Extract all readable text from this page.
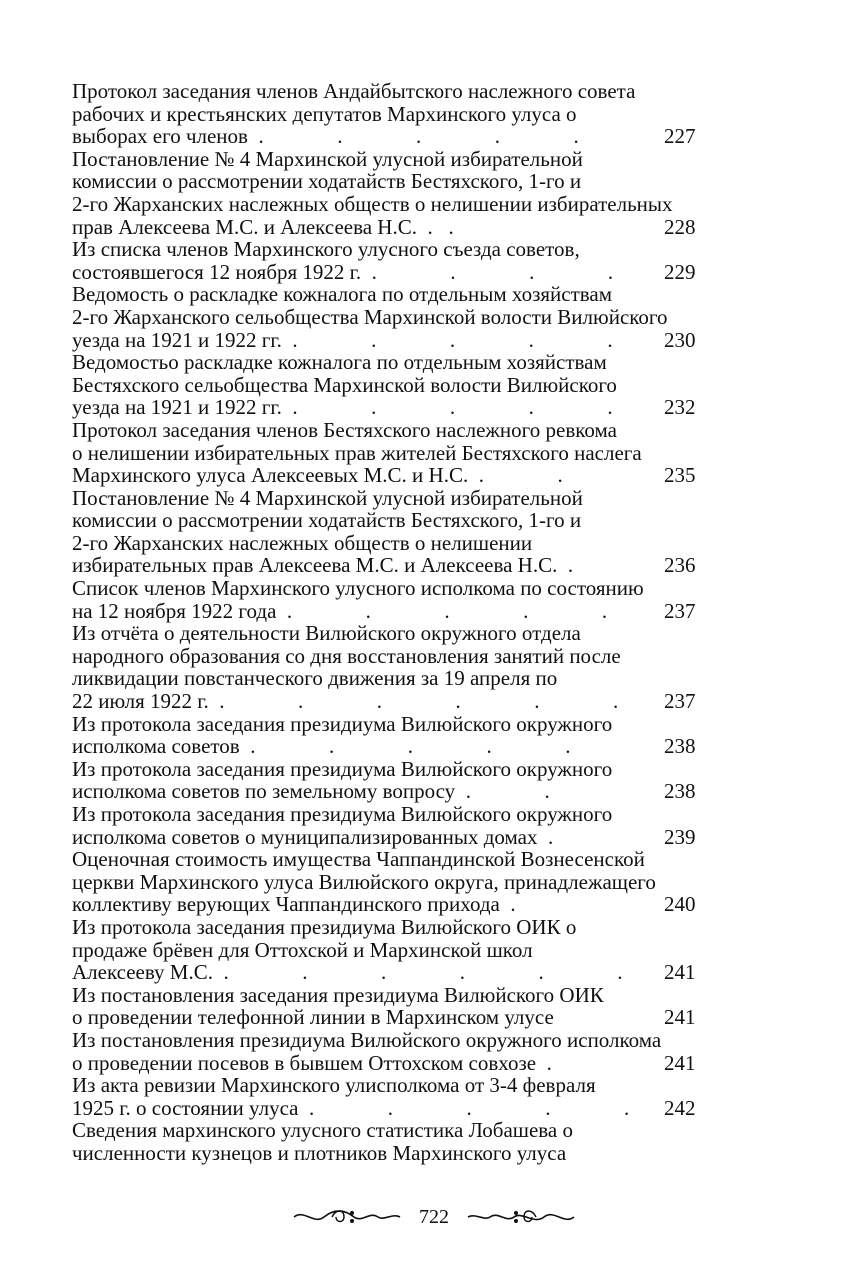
Протокол заседания членов Андайбытского наслежного совета
рабочих и крестьянских депутатов Мархинского улуса о
выборах его членов .              .              .              .              .	227
Постановление № 4 Мархинской улусной избирательной
комиссии о рассмотрении ходатайств Бестяхского, 1-го и
2-го Жарханских наслежных обществ о нелишении избирательных
прав Алексеева М.С. и Алексеева Н.С. .   .	228
Из списка членов Мархинского улусного съезда советов,
состоявшегося 12 ноября 1922 г. .              .              .              . 229
Ведомость о раскладке кожналога по отдельным хозяйствам
2-го Жарханского сельобщества Мархинской волости Вилюйского
уезда на 1921 и 1922 гг. .              .              .              .              . 230
Ведомостьо раскладке кожналога по отдельным хозяйствам
Бестяхского сельобщества Мархинской волости Вилюйского
уезда на 1921 и 1922 гг. .              .              .              .              . 232
Протокол заседания членов Бестяхского наслежного ревкома
о нелишении избирательных прав жителей Бестяхского наслега
Мархинского улуса Алексеевых М.С. и Н.С. .              .	235
Постановление № 4 Мархинской улусной избирательной
комиссии о рассмотрении ходатайств Бестяхского, 1-го и
2-го Жарханских наслежных обществ о нелишении
избирательных прав Алексеева М.С. и Алексеева Н.С. .	236
Список членов Мархинского улусного исполкома по состоянию
на 12 ноября 1922 года .              .              .              .              .	237
Из отчёта о деятельности Вилюйского окружного отдела
народного образования со дня восстановления занятий после
ликвидации повстанческого движения за 19 апреля по
22 июля 1922 г. .              .              .              .              .              . 237
Из протокола заседания президиума Вилюйского окружного
исполкома советов .              .              .              .              .	238
Из протокола заседания президиума Вилюйского окружного
исполкома советов по земельному вопросу .              .	238
Из протокола заседания президиума Вилюйского окружного
исполкома советов о муниципализированных домах .	239
Оценочная стоимость имущества Чаппандинской Вознесенской
церкви Мархинского улуса Вилюйского округа, принадлежащего
коллективу верующих Чаппандинского прихода .	240
Из протокола заседания президиума Вилюйского ОИК о
продаже брёвен для Оттохской и Мархинской школ
Алексееву М.С. .              .              .              .              .              . 241
Из постановления заседания президиума Вилюйского ОИК
о проведении телефонной линии в Мархинском улусе	241
Из постановления президиума Вилюйского окружного исполкома
о проведении посевов в бывшем Оттохском совхозе .	241
Из акта ревизии Мархинского улисполкома от 3-4 февраля
1925 г. о состоянии улуса .              .              .              .              . 242
Сведения мархинского улусного статистика Лобашева о
численности кузнецов и плотников Мархинского улуса
722
